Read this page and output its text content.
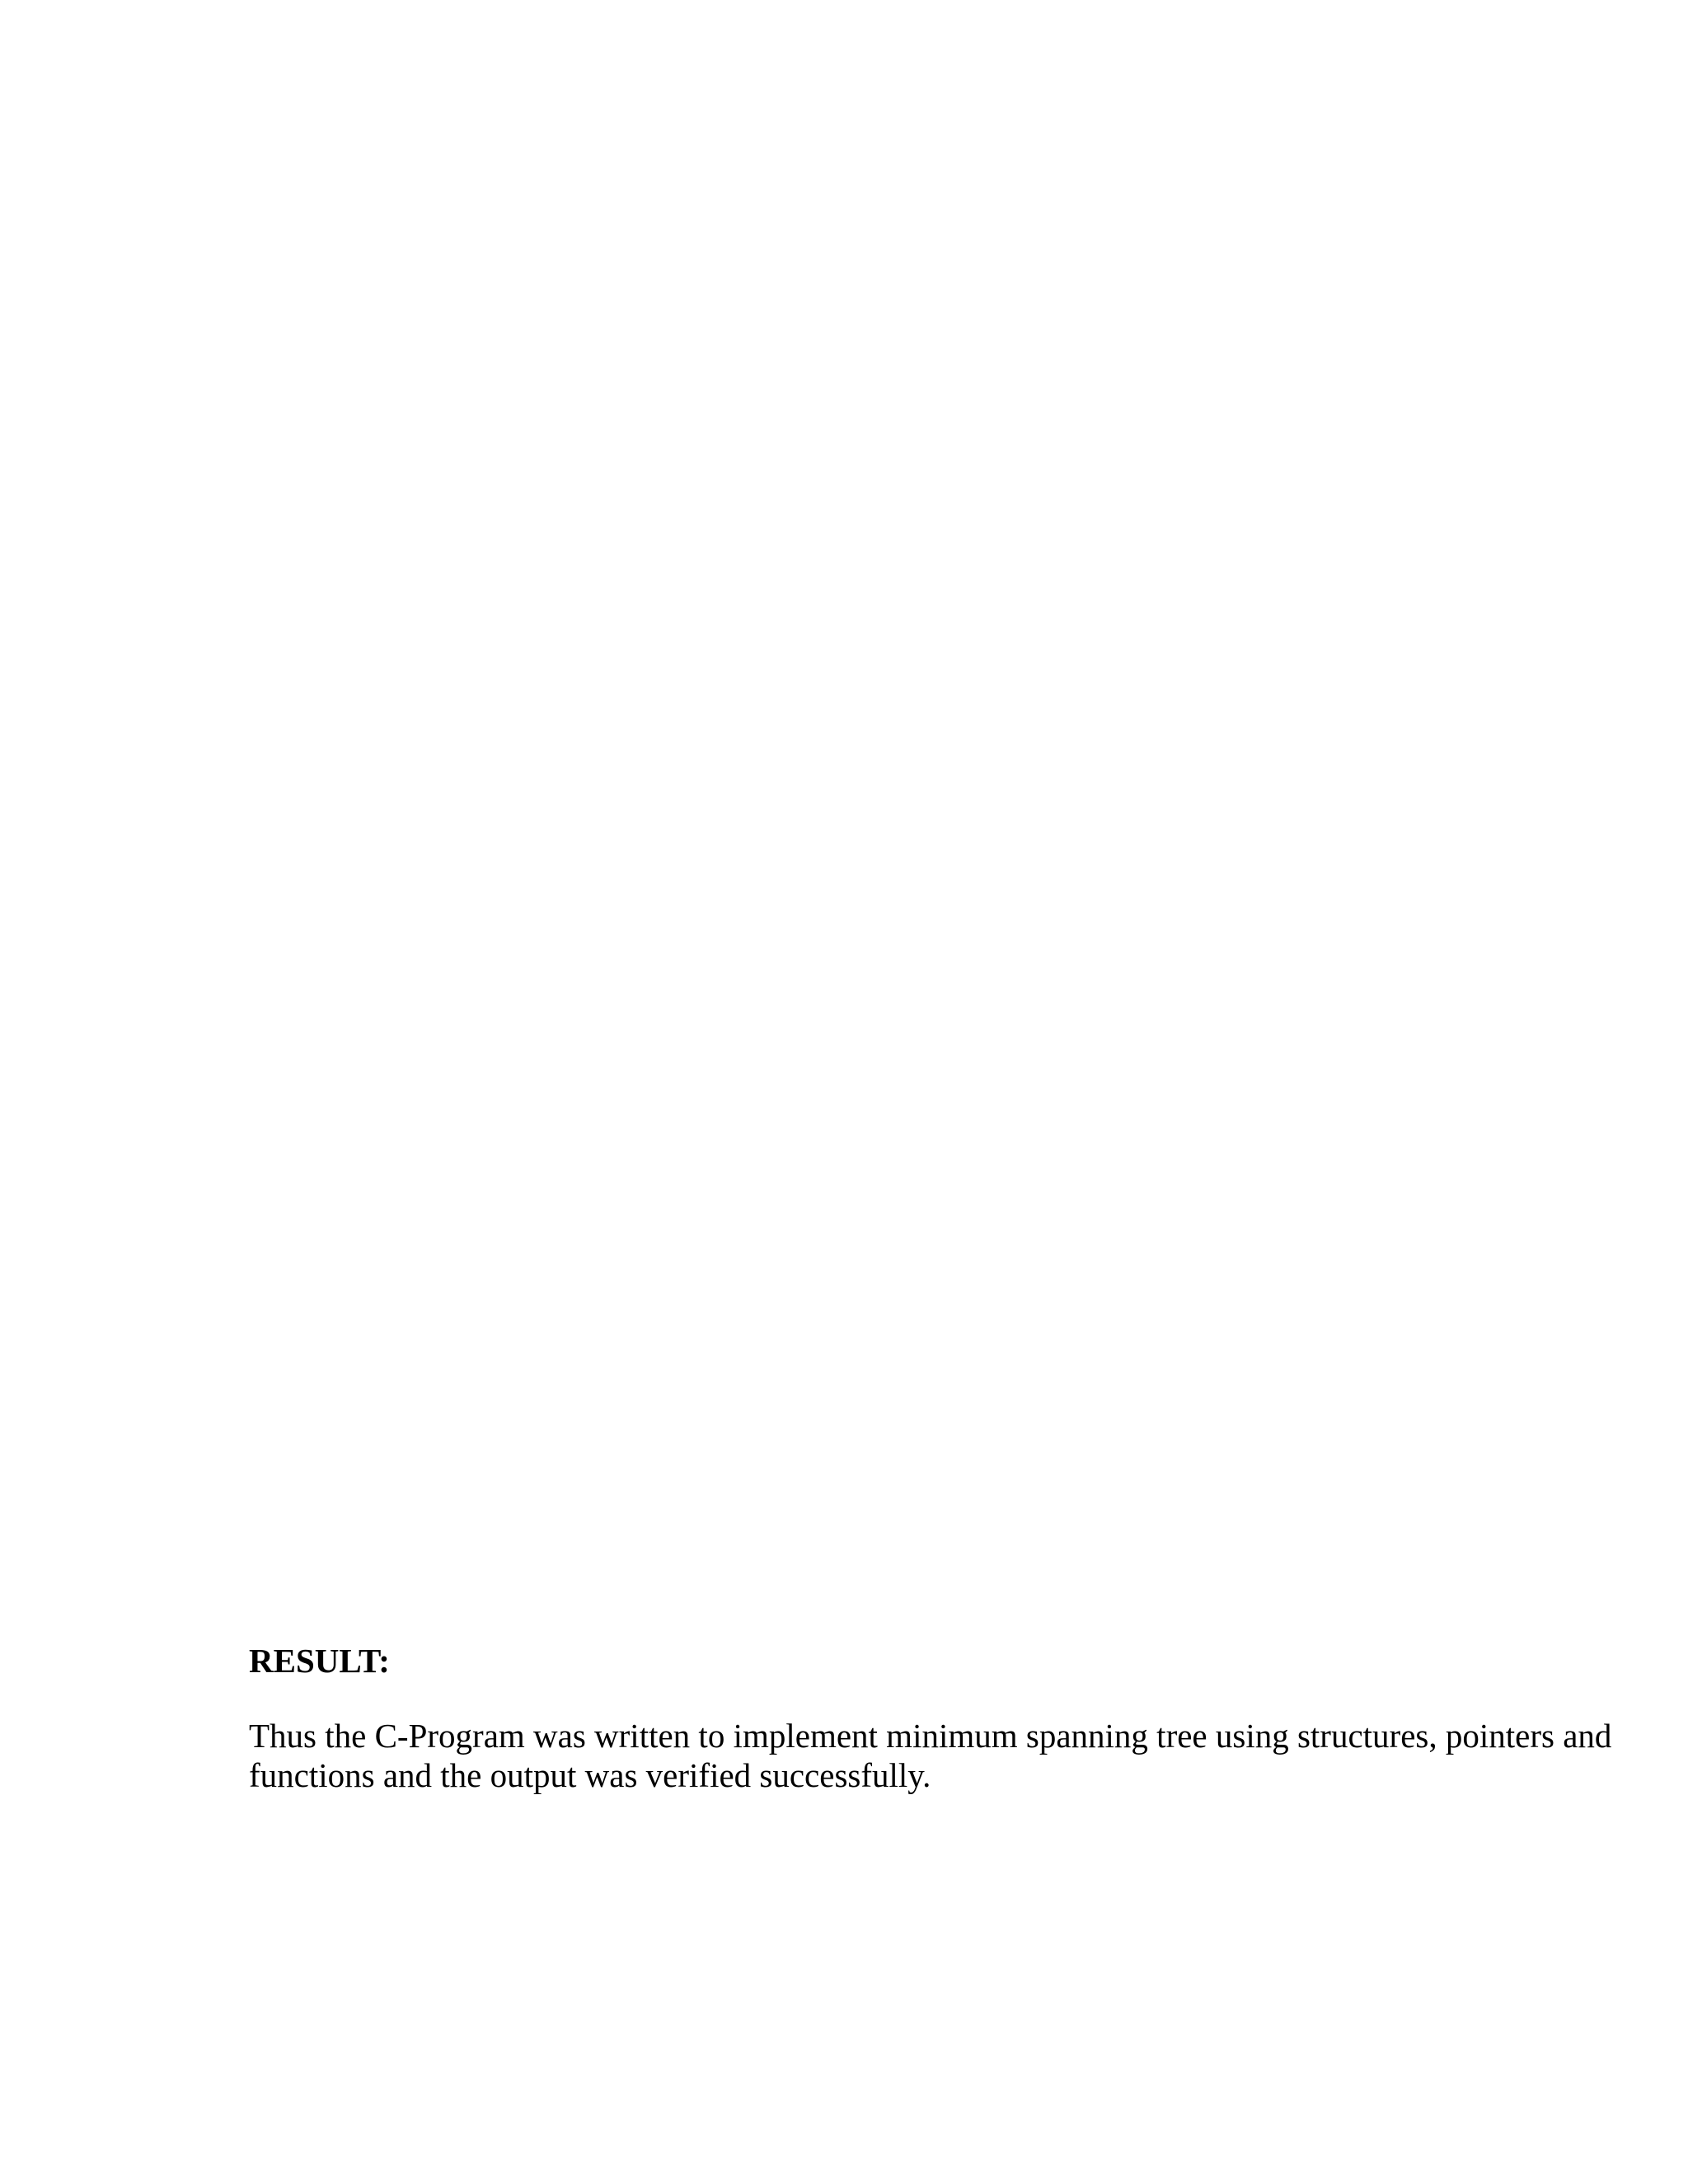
RESULT:

Thus the C-Program was written to implement minimum spanning tree using structures, pointers and functions and the output was verified successfully.
